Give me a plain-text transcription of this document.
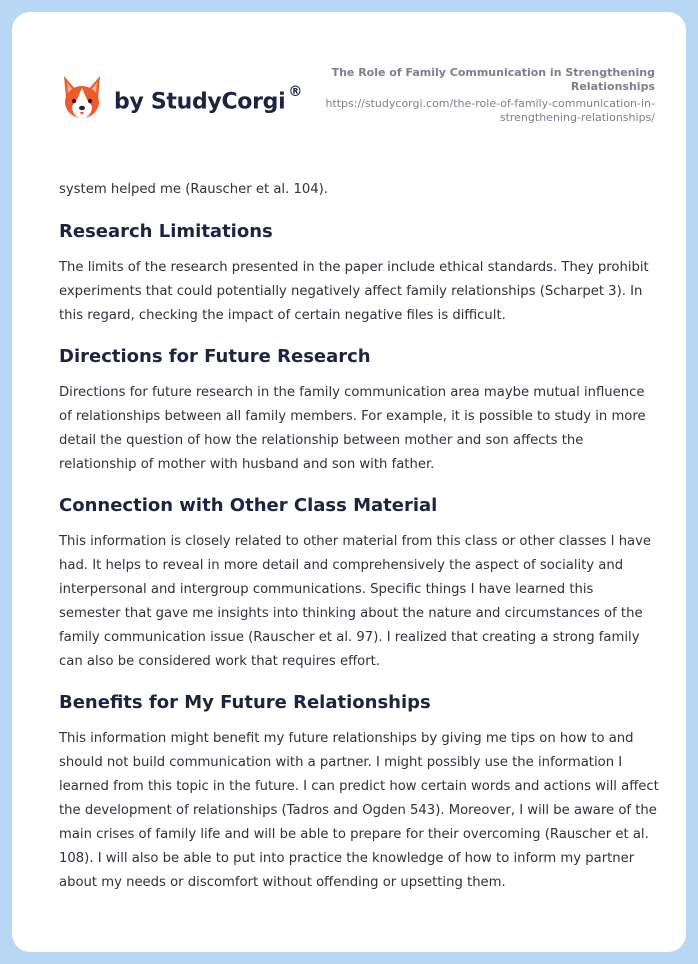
by StudyCorgi ®
The Role of Family Communication in Strengthening Relationships
https://studycorgi.com/the-role-of-family-communication-in-strengthening-relationships/

system helped me (Rauscher et al. 104).

Research Limitations

The limits of the research presented in the paper include ethical standards. They prohibit experiments that could potentially negatively affect family relationships (Scharpet 3). In this regard, checking the impact of certain negative files is difficult.

Directions for Future Research

Directions for future research in the family communication area maybe mutual influence of relationships between all family members. For example, it is possible to study in more detail the question of how the relationship between mother and son affects the relationship of mother with husband and son with father.

Connection with Other Class Material

This information is closely related to other material from this class or other classes I have had. It helps to reveal in more detail and comprehensively the aspect of sociality and interpersonal and intergroup communications. Specific things I have learned this semester that gave me insights into thinking about the nature and circumstances of the family communication issue (Rauscher et al. 97). I realized that creating a strong family can also be considered work that requires effort.

Benefits for My Future Relationships

This information might benefit my future relationships by giving me tips on how to and should not build communication with a partner. I might possibly use the information I learned from this topic in the future. I can predict how certain words and actions will affect the development of relationships (Tadros and Ogden 543). Moreover, I will be aware of the main crises of family life and will be able to prepare for their overcoming (Rauscher et al. 108). I will also be able to put into practice the knowledge of how to inform my partner about my needs or discomfort without offending or upsetting them.
